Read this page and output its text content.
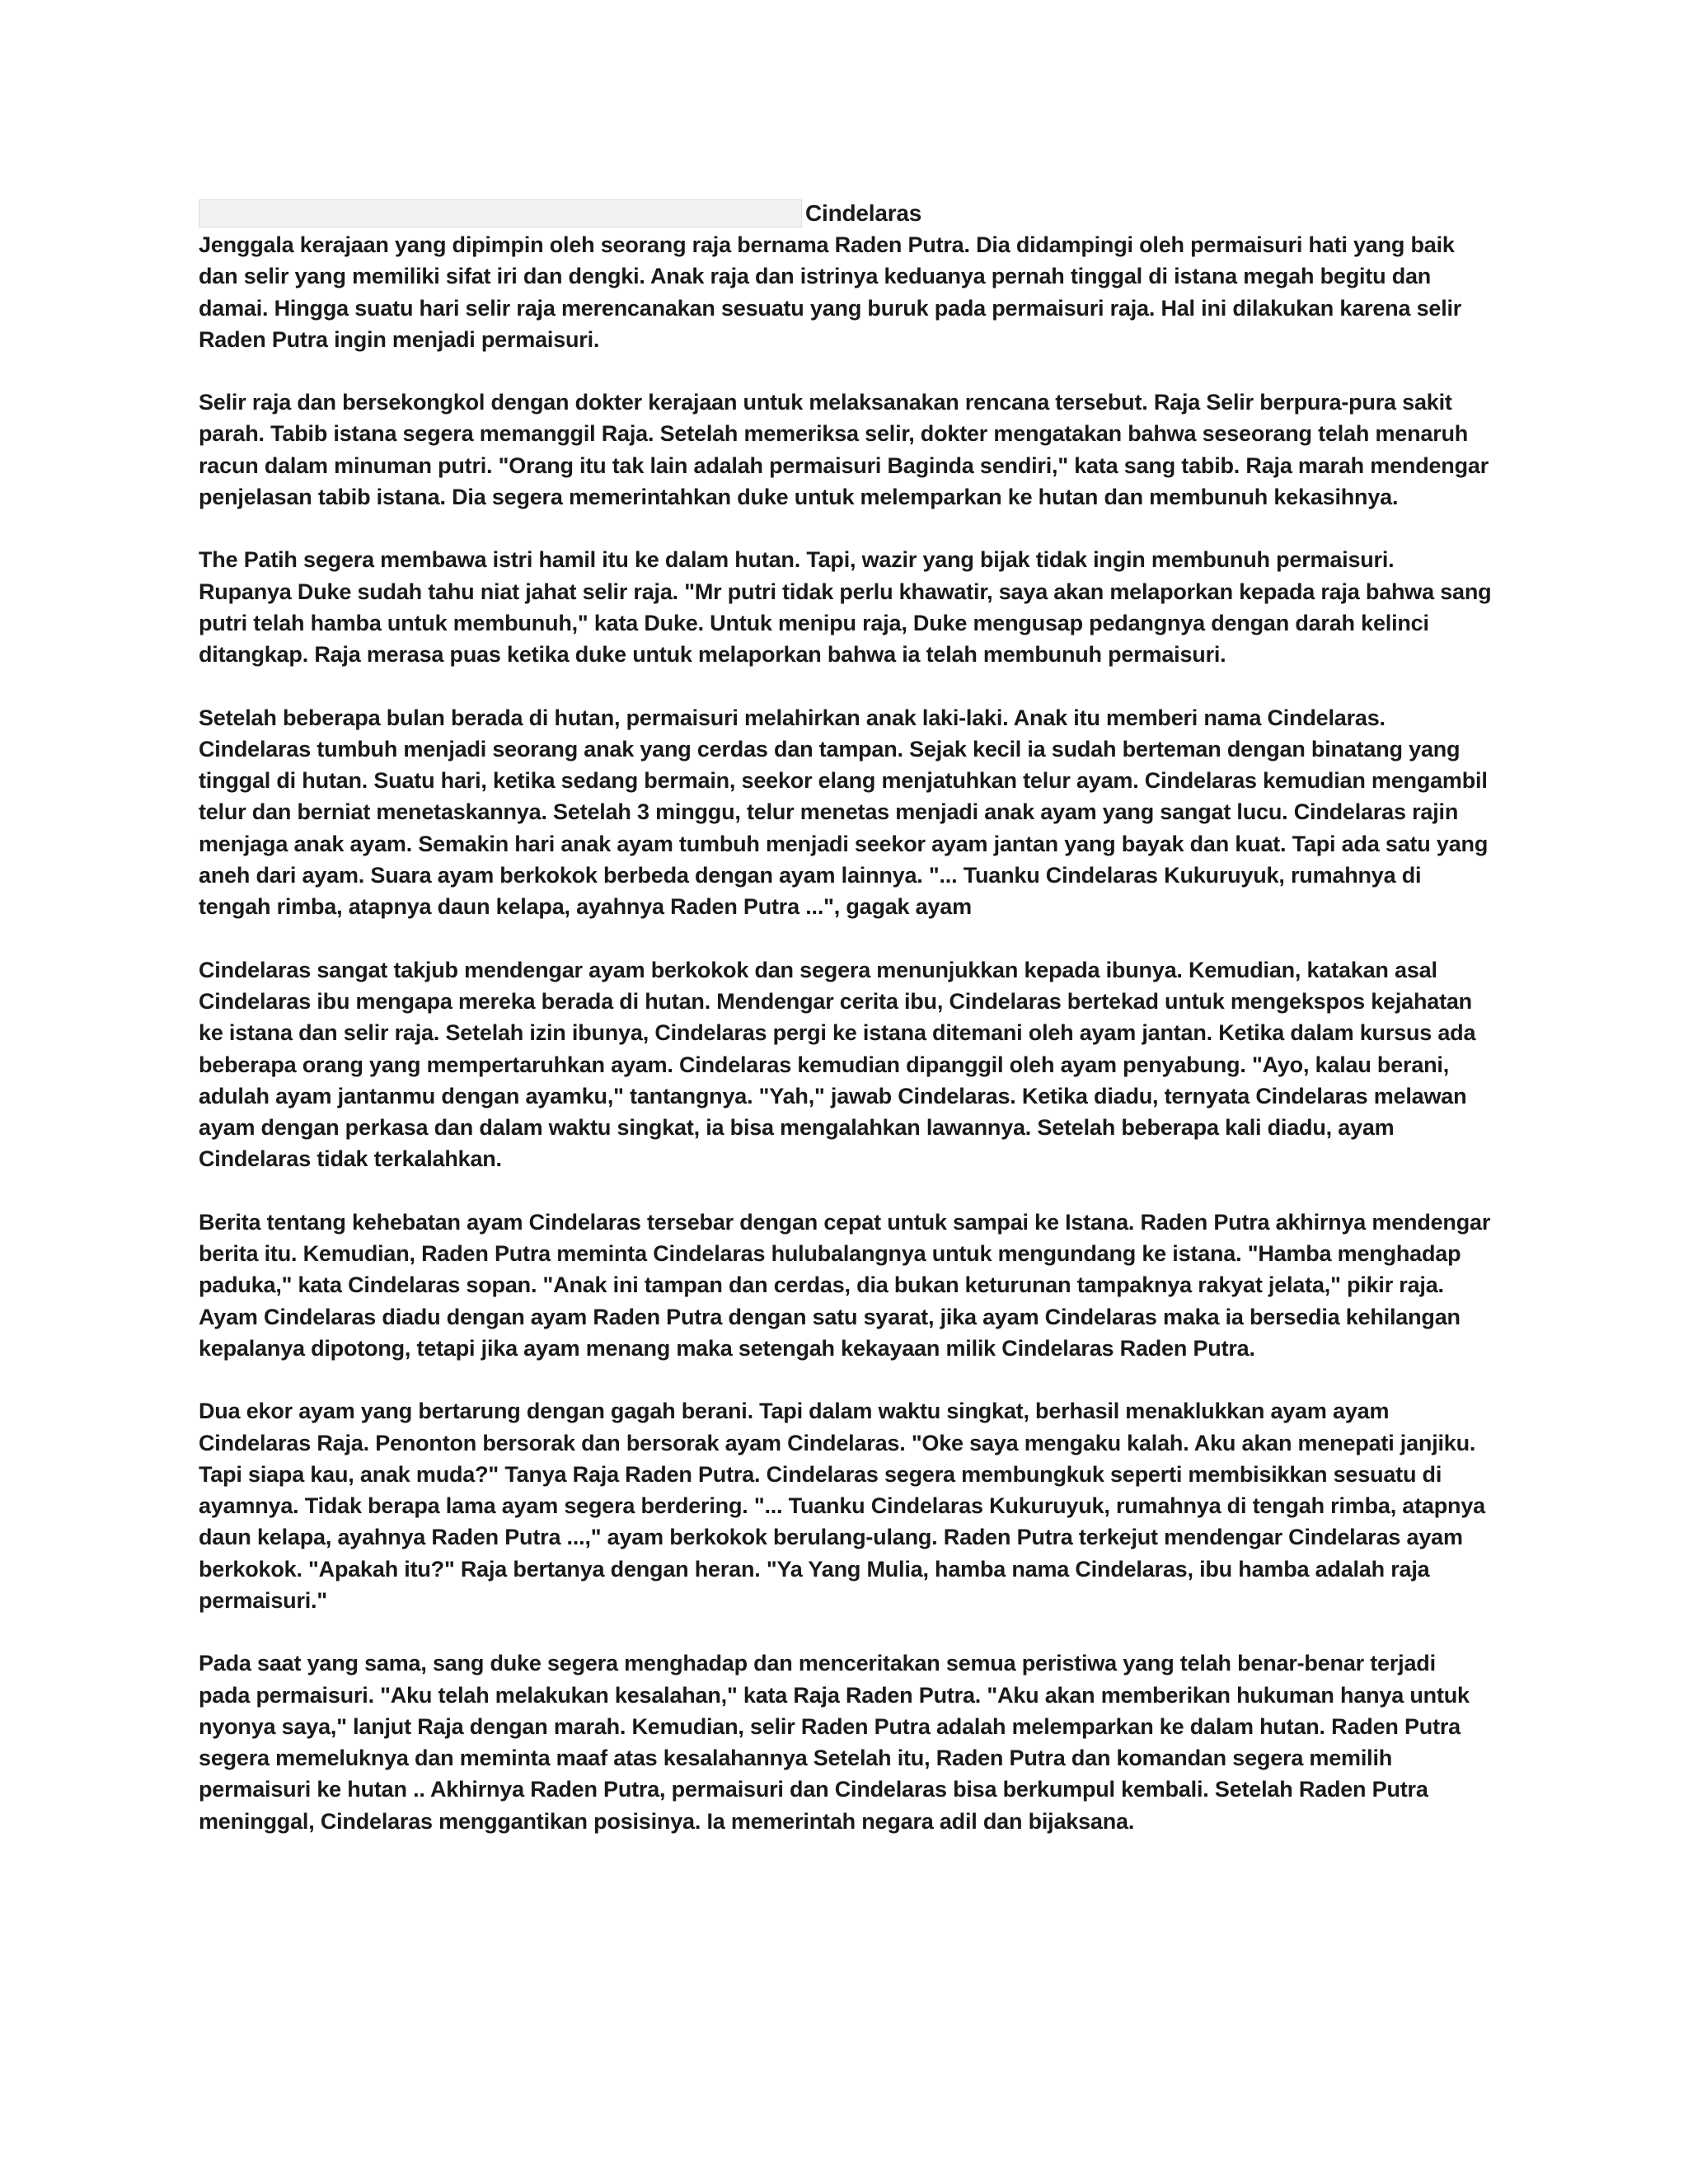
Cindelaras

Jenggala kerajaan yang dipimpin oleh seorang raja bernama Raden Putra. Dia didampingi oleh permaisuri hati yang baik dan selir yang memiliki sifat iri dan dengki. Anak raja dan istrinya keduanya pernah tinggal di istana megah begitu dan damai. Hingga suatu hari selir raja merencanakan sesuatu yang buruk pada permaisuri raja. Hal ini dilakukan karena selir Raden Putra ingin menjadi permaisuri.

Selir raja dan bersekongkol dengan dokter kerajaan untuk melaksanakan rencana tersebut. Raja Selir berpura-pura sakit parah. Tabib istana segera memanggil Raja. Setelah memeriksa selir, dokter mengatakan bahwa seseorang telah menaruh racun dalam minuman putri. "Orang itu tak lain adalah permaisuri Baginda sendiri," kata sang tabib. Raja marah mendengar penjelasan tabib istana. Dia segera memerintahkan duke untuk melemparkan ke hutan dan membunuh kekasihnya.

The Patih segera membawa istri hamil itu ke dalam hutan. Tapi, wazir yang bijak tidak ingin membunuh permaisuri. Rupanya Duke sudah tahu niat jahat selir raja. "Mr putri tidak perlu khawatir, saya akan melaporkan kepada raja bahwa sang putri telah hamba untuk membunuh," kata Duke. Untuk menipu raja, Duke mengusap pedangnya dengan darah kelinci ditangkap. Raja merasa puas ketika duke untuk melaporkan bahwa ia telah membunuh permaisuri.

Setelah beberapa bulan berada di hutan, permaisuri melahirkan anak laki-laki. Anak itu memberi nama Cindelaras. Cindelaras tumbuh menjadi seorang anak yang cerdas dan tampan. Sejak kecil ia sudah berteman dengan binatang yang tinggal di hutan. Suatu hari, ketika sedang bermain, seekor elang menjatuhkan telur ayam. Cindelaras kemudian mengambil telur dan berniat menetaskannya. Setelah 3 minggu, telur menetas menjadi anak ayam yang sangat lucu. Cindelaras rajin menjaga anak ayam. Semakin hari anak ayam tumbuh menjadi seekor ayam jantan yang bayak dan kuat. Tapi ada satu yang aneh dari ayam. Suara ayam berkokok berbeda dengan ayam lainnya. "... Tuanku Cindelaras Kukuruyuk, rumahnya di tengah rimba, atapnya daun kelapa, ayahnya Raden Putra ...", gagak ayam

Cindelaras sangat takjub mendengar ayam berkokok dan segera menunjukkan kepada ibunya. Kemudian, katakan asal Cindelaras ibu mengapa mereka berada di hutan. Mendengar cerita ibu, Cindelaras bertekad untuk mengekspos kejahatan ke istana dan selir raja. Setelah izin ibunya, Cindelaras pergi ke istana ditemani oleh ayam jantan. Ketika dalam kursus ada beberapa orang yang mempertaruhkan ayam. Cindelaras kemudian dipanggil oleh ayam penyabung. "Ayo, kalau berani, adulah ayam jantanmu dengan ayamku," tantangnya. "Yah," jawab Cindelaras. Ketika diadu, ternyata Cindelaras melawan ayam dengan perkasa dan dalam waktu singkat, ia bisa mengalahkan lawannya. Setelah beberapa kali diadu, ayam Cindelaras tidak terkalahkan.

Berita tentang kehebatan ayam Cindelaras tersebar dengan cepat untuk sampai ke Istana. Raden Putra akhirnya mendengar berita itu. Kemudian, Raden Putra meminta Cindelaras hulubalangnya untuk mengundang ke istana. "Hamba menghadap paduka," kata Cindelaras sopan. "Anak ini tampan dan cerdas, dia bukan keturunan tampaknya rakyat jelata," pikir raja. Ayam Cindelaras diadu dengan ayam Raden Putra dengan satu syarat, jika ayam Cindelaras maka ia bersedia kehilangan kepalanya dipotong, tetapi jika ayam menang maka setengah kekayaan milik Cindelaras Raden Putra.

Dua ekor ayam yang bertarung dengan gagah berani. Tapi dalam waktu singkat, berhasil menaklukkan ayam ayam Cindelaras Raja. Penonton bersorak dan bersorak ayam Cindelaras. "Oke saya mengaku kalah. Aku akan menepati janjiku. Tapi siapa kau, anak muda?" Tanya Raja Raden Putra. Cindelaras segera membungkuk seperti membisikkan sesuatu di ayamnya. Tidak berapa lama ayam segera berdering. "... Tuanku Cindelaras Kukuruyuk, rumahnya di tengah rimba, atapnya daun kelapa, ayahnya Raden Putra ...," ayam berkokok berulang-ulang. Raden Putra terkejut mendengar Cindelaras ayam berkokok. "Apakah itu?" Raja bertanya dengan heran. "Ya Yang Mulia, hamba nama Cindelaras, ibu hamba adalah raja permaisuri."

Pada saat yang sama, sang duke segera menghadap dan menceritakan semua peristiwa yang telah benar-benar terjadi pada permaisuri. "Aku telah melakukan kesalahan," kata Raja Raden Putra. "Aku akan memberikan hukuman hanya untuk nyonya saya," lanjut Raja dengan marah. Kemudian, selir Raden Putra adalah melemparkan ke dalam hutan. Raden Putra segera memeluknya dan meminta maaf atas kesalahannya Setelah itu, Raden Putra dan komandan segera memilih permaisuri ke hutan .. Akhirnya Raden Putra, permaisuri dan Cindelaras bisa berkumpul kembali. Setelah Raden Putra meninggal, Cindelaras menggantikan posisinya. Ia memerintah negara adil dan bijaksana.
